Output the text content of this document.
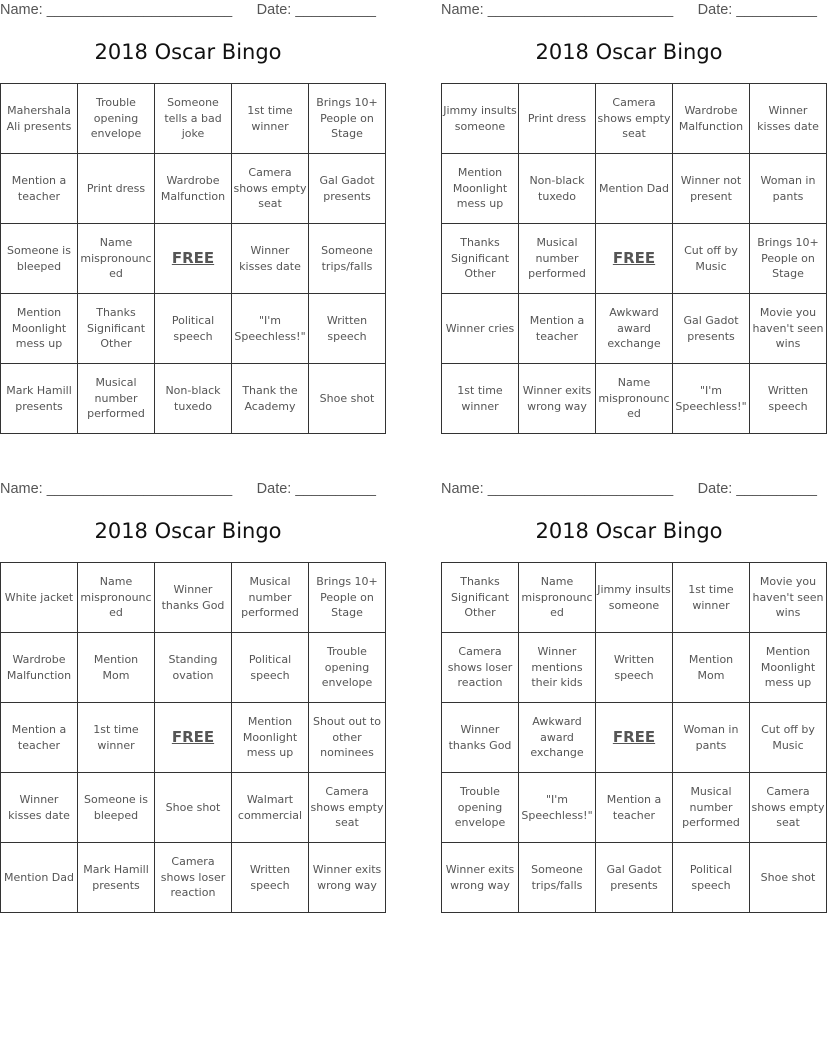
Name: _______________________ Date: __________
2018 Oscar Bingo
Mahershala Ali presents	Trouble opening envelope	Someone tells a bad joke	1st time winner	Brings 10+ People on Stage
Mention a teacher	Print dress	Wardrobe Malfunction	Camera shows empty seat	Gal Gadot presents
Someone is bleeped	Name mispronounced	FREE	Winner kisses date	Someone trips/falls
Mention Moonlight mess up	Thanks Significant Other	Political speech	"I'm Speechless!"	Written speech
Mark Hamill presents	Musical number performed	Non-black tuxedo	Thank the Academy	Shoe shot
Name: _______________________ Date: __________
2018 Oscar Bingo
Jimmy insults someone	Print dress	Camera shows empty seat	Wardrobe Malfunction	Winner kisses date
Mention Moonlight mess up	Non-black tuxedo	Mention Dad	Winner not present	Woman in pants
Thanks Significant Other	Musical number performed	FREE	Cut off by Music	Brings 10+ People on Stage
Winner cries	Mention a teacher	Awkward award exchange	Gal Gadot presents	Movie you haven't seen wins
1st time winner	Winner exits wrong way	Name mispronounced	"I'm Speechless!"	Written speech
Name: _______________________ Date: __________
2018 Oscar Bingo
White jacket	Name mispronounced	Winner thanks God	Musical number performed	Brings 10+ People on Stage
Wardrobe Malfunction	Mention Mom	Standing ovation	Political speech	Trouble opening envelope
Mention a teacher	1st time winner	FREE	Mention Moonlight mess up	Shout out to other nominees
Winner kisses date	Someone is bleeped	Shoe shot	Walmart commercial	Camera shows empty seat
Mention Dad	Mark Hamill presents	Camera shows loser reaction	Written speech	Winner exits wrong way
Name: _______________________ Date: __________
2018 Oscar Bingo
Thanks Significant Other	Name mispronounced	Jimmy insults someone	1st time winner	Movie you haven't seen wins
Camera shows loser reaction	Winner mentions their kids	Written speech	Mention Mom	Mention Moonlight mess up
Winner thanks God	Awkward award exchange	FREE	Woman in pants	Cut off by Music
Trouble opening envelope	"I'm Speechless!"	Mention a teacher	Musical number performed	Camera shows empty seat
Winner exits wrong way	Someone trips/falls	Gal Gadot presents	Political speech	Shoe shot
